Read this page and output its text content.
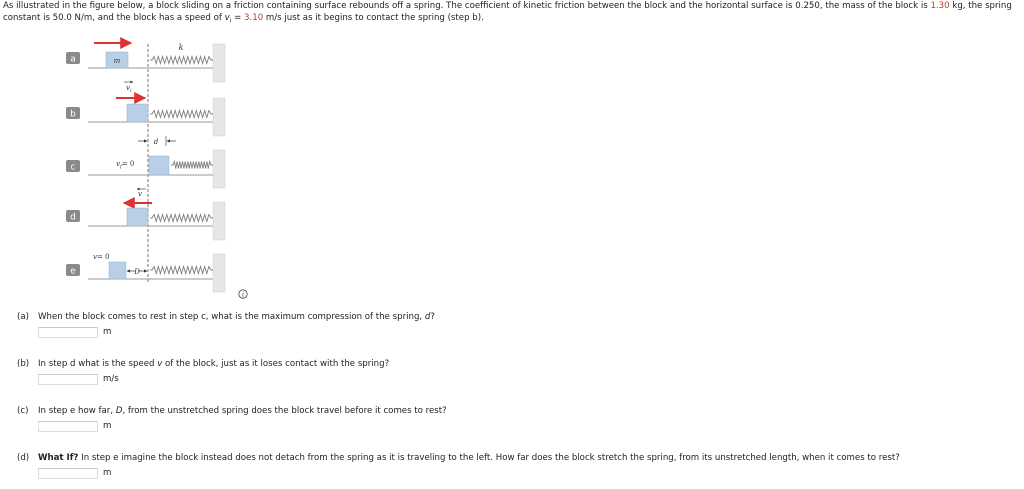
As illustrated in the figure below, a block sliding on a friction containing surface rebounds off a spring. The coefficient of kinetic friction between the block and the horizontal surface is 0.250, the mass of the block is 1.30 kg, the spring constant is 50.0 N/m, and the block has a speed of $v_i = 3.10$ m/s just as it begins to contact the spring (step b).
a	m
k
b
$v_i$
c
d
$v_f= 0$
d
v
e
v= 0
D
i
(a) When the block comes to rest in step c, what is the maximum compression of the spring, d?
m
(b) In step d what is the speed v of the block, just as it loses contact with the spring?
m/s
(c) In step e how far, D, from the unstretched spring does the block travel before it comes to rest?
m
(d) What If? In step e imagine the block instead does not detach from the spring as it is traveling to the left. How far does the block stretch the spring, from its unstretched length, when it comes to rest?
m
